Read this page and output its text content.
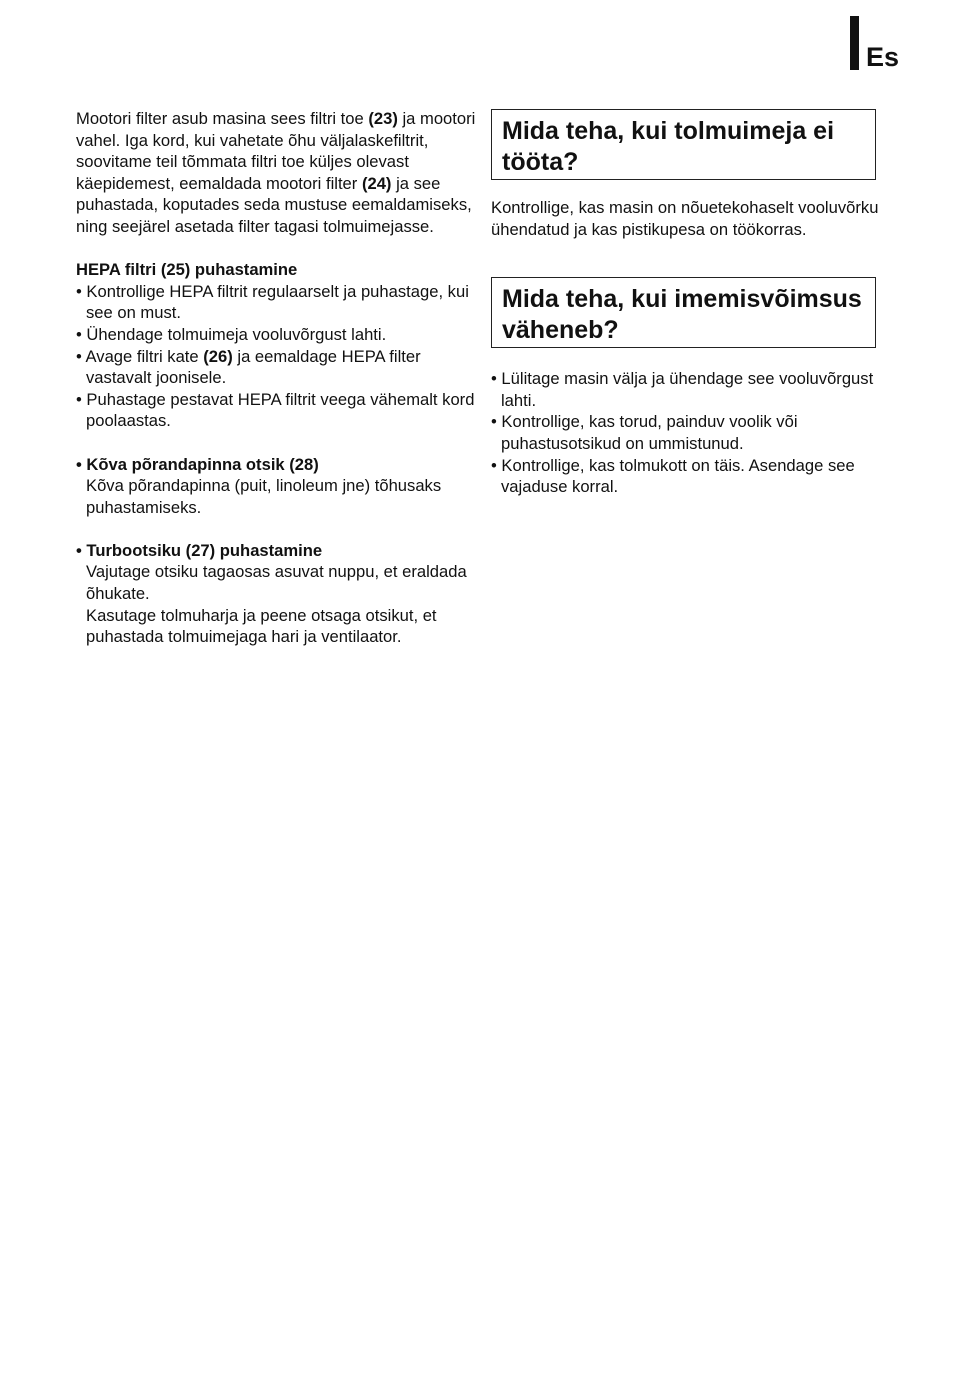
Es

Mootori filter asub masina sees filtri toe (23) ja mootori vahel. Iga kord, kui vahetate õhu väljalaskefiltrit, soovitame teil tõmmata filtri toe küljes olevast käepidemest, eemaldada mootori filter (24) ja see puhastada, koputades seda mustuse eemaldamiseks, ning seejärel asetada filter tagasi tolmuimejasse.

HEPA filtri (25) puhastamine

• Kontrollige HEPA filtrit regulaarselt ja puhastage, kui see on must.

• Ühendage tolmuimeja vooluvõrgust lahti.

• Avage filtri kate (26) ja eemaldage HEPA filter vastavalt joonisele.

• Puhastage pestavat HEPA filtrit veega vähemalt kord poolaastas.

• Kõva põrandapinna otsik (28)

Kõva põrandapinna (puit, linoleum jne) tõhusaks puhastamiseks.

• Turbootsiku (27) puhastamine

Vajutage otsiku tagaosas asuvat nuppu, et eraldada õhukate.

Kasutage tolmuharja ja peene otsaga otsikut, et puhastada tolmuimejaga hari ja ventilaator.

Mida teha, kui tolmuimeja ei tööta?

Kontrollige, kas masin on nõuetekohaselt vooluvõrku ühendatud ja kas pistikupesa on töökorras.

Mida teha, kui imemisvõimsus väheneb?

• Lülitage masin välja ja ühendage see vooluvõrgust lahti.

• Kontrollige, kas torud, painduv voolik või puhastusotsikud on ummistunud.

• Kontrollige, kas tolmukott on täis. Asendage see vajaduse korral.
